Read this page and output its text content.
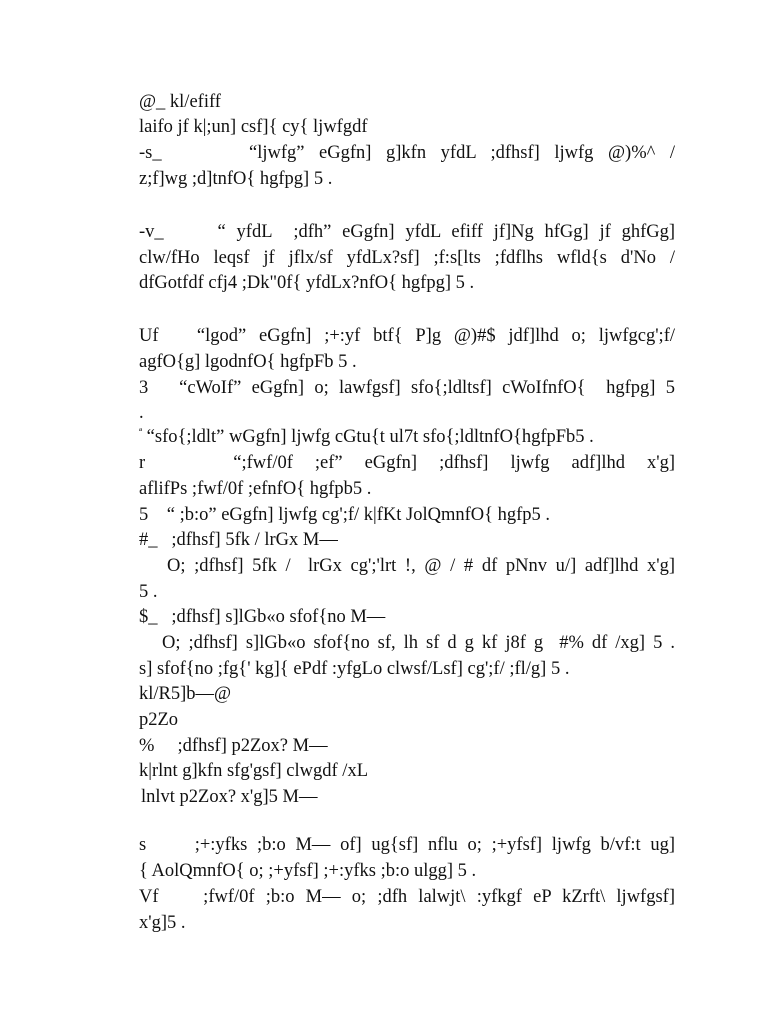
@_ kl/efiff
laifo jf k|;un] csf]{ cy{ ljwfgdf
-s_      “ljwfg” eGgfn] g]kfn yfdL ;dfhsf] ljwfg @)%^ /
z;f]wg ;d]tnfO{ hgfpg] 5 .
-v_     “ yfdL  ;dfh” eGgfn] yfdL efiff jf]Ng hfGg] jf ghfGg]
clw/fHo leqsf jf jflx/sf yfdLx?sf] ;f:s[lts ;fdflhs wfld{s d'No /
dfGotfdf cfj4 ;Dk"0f{ yfdLx?nfO{ hgfpg] 5 .
Uf   “lgod” eGgfn] ;+:yf btf{ P]g @)#$ jdf]lhd o; ljwfgcg';f/
agfO{g] lgodnfO{ hgfpFb 5 .
3   “cWoIf” eGgfn] o; lawfgsf] sfo{;ldltsf] cWoIfnfO{  hgfpg] 5
.
$^ª$ “sfo{;ldlt” wGgfn] ljwfg cGtu{t ul7t sfo{;ldltnfO{hgfpFb5 .
r        “;fwf/0f  ;ef”  eGgfn]  ;dfhsf]  ljwfg  adf]lhd  x'g]
aflifPs ;fwf/0f ;efnfO{ hgfpb5 .
5    “ ;b:o” eGgfn] ljwfg cg';f/ k|fKt JolQmnfO{ hgfp5 .
#_   ;dfhsf] 5fk / lrGx M—
O; ;dfhsf] 5fk /  lrGx cg';'lrt !, @ / # df pNnv u/] adf]lhd x'g]
5 .
$_   ;dfhsf] s]lGb«o sfof{no M—
O; ;dfhsf] s]lGb«o sfof{no sf, lh sf d g kf j8f g  #% df /xg] 5 .
s] sfof{no ;fg{' kg]{ ePdf :yfgLo clwsf/Lsf] cg';f/ ;fl/g] 5 .
kl/R5]b—@
p2Zo
%     ;dfhsf] p2Zox? M—
k|rlnt g]kfn sfg'gsf] clwgdf /xL
lnlvt p2Zox? x'g]5 M—
s     ;+:yfks ;b:o M— of] ug{sf] nflu o; ;+yfsf] ljwfg b/vf:t ug]
{ AolQmnfO{ o; ;+yfsf] ;+:yfks ;b:o ulgg] 5 .
Vf    ;fwf/0f ;b:o M— o; ;dfh lalwjt\ :yfkgf eP kZrft\ ljwfgsf]
x'g]5 .
